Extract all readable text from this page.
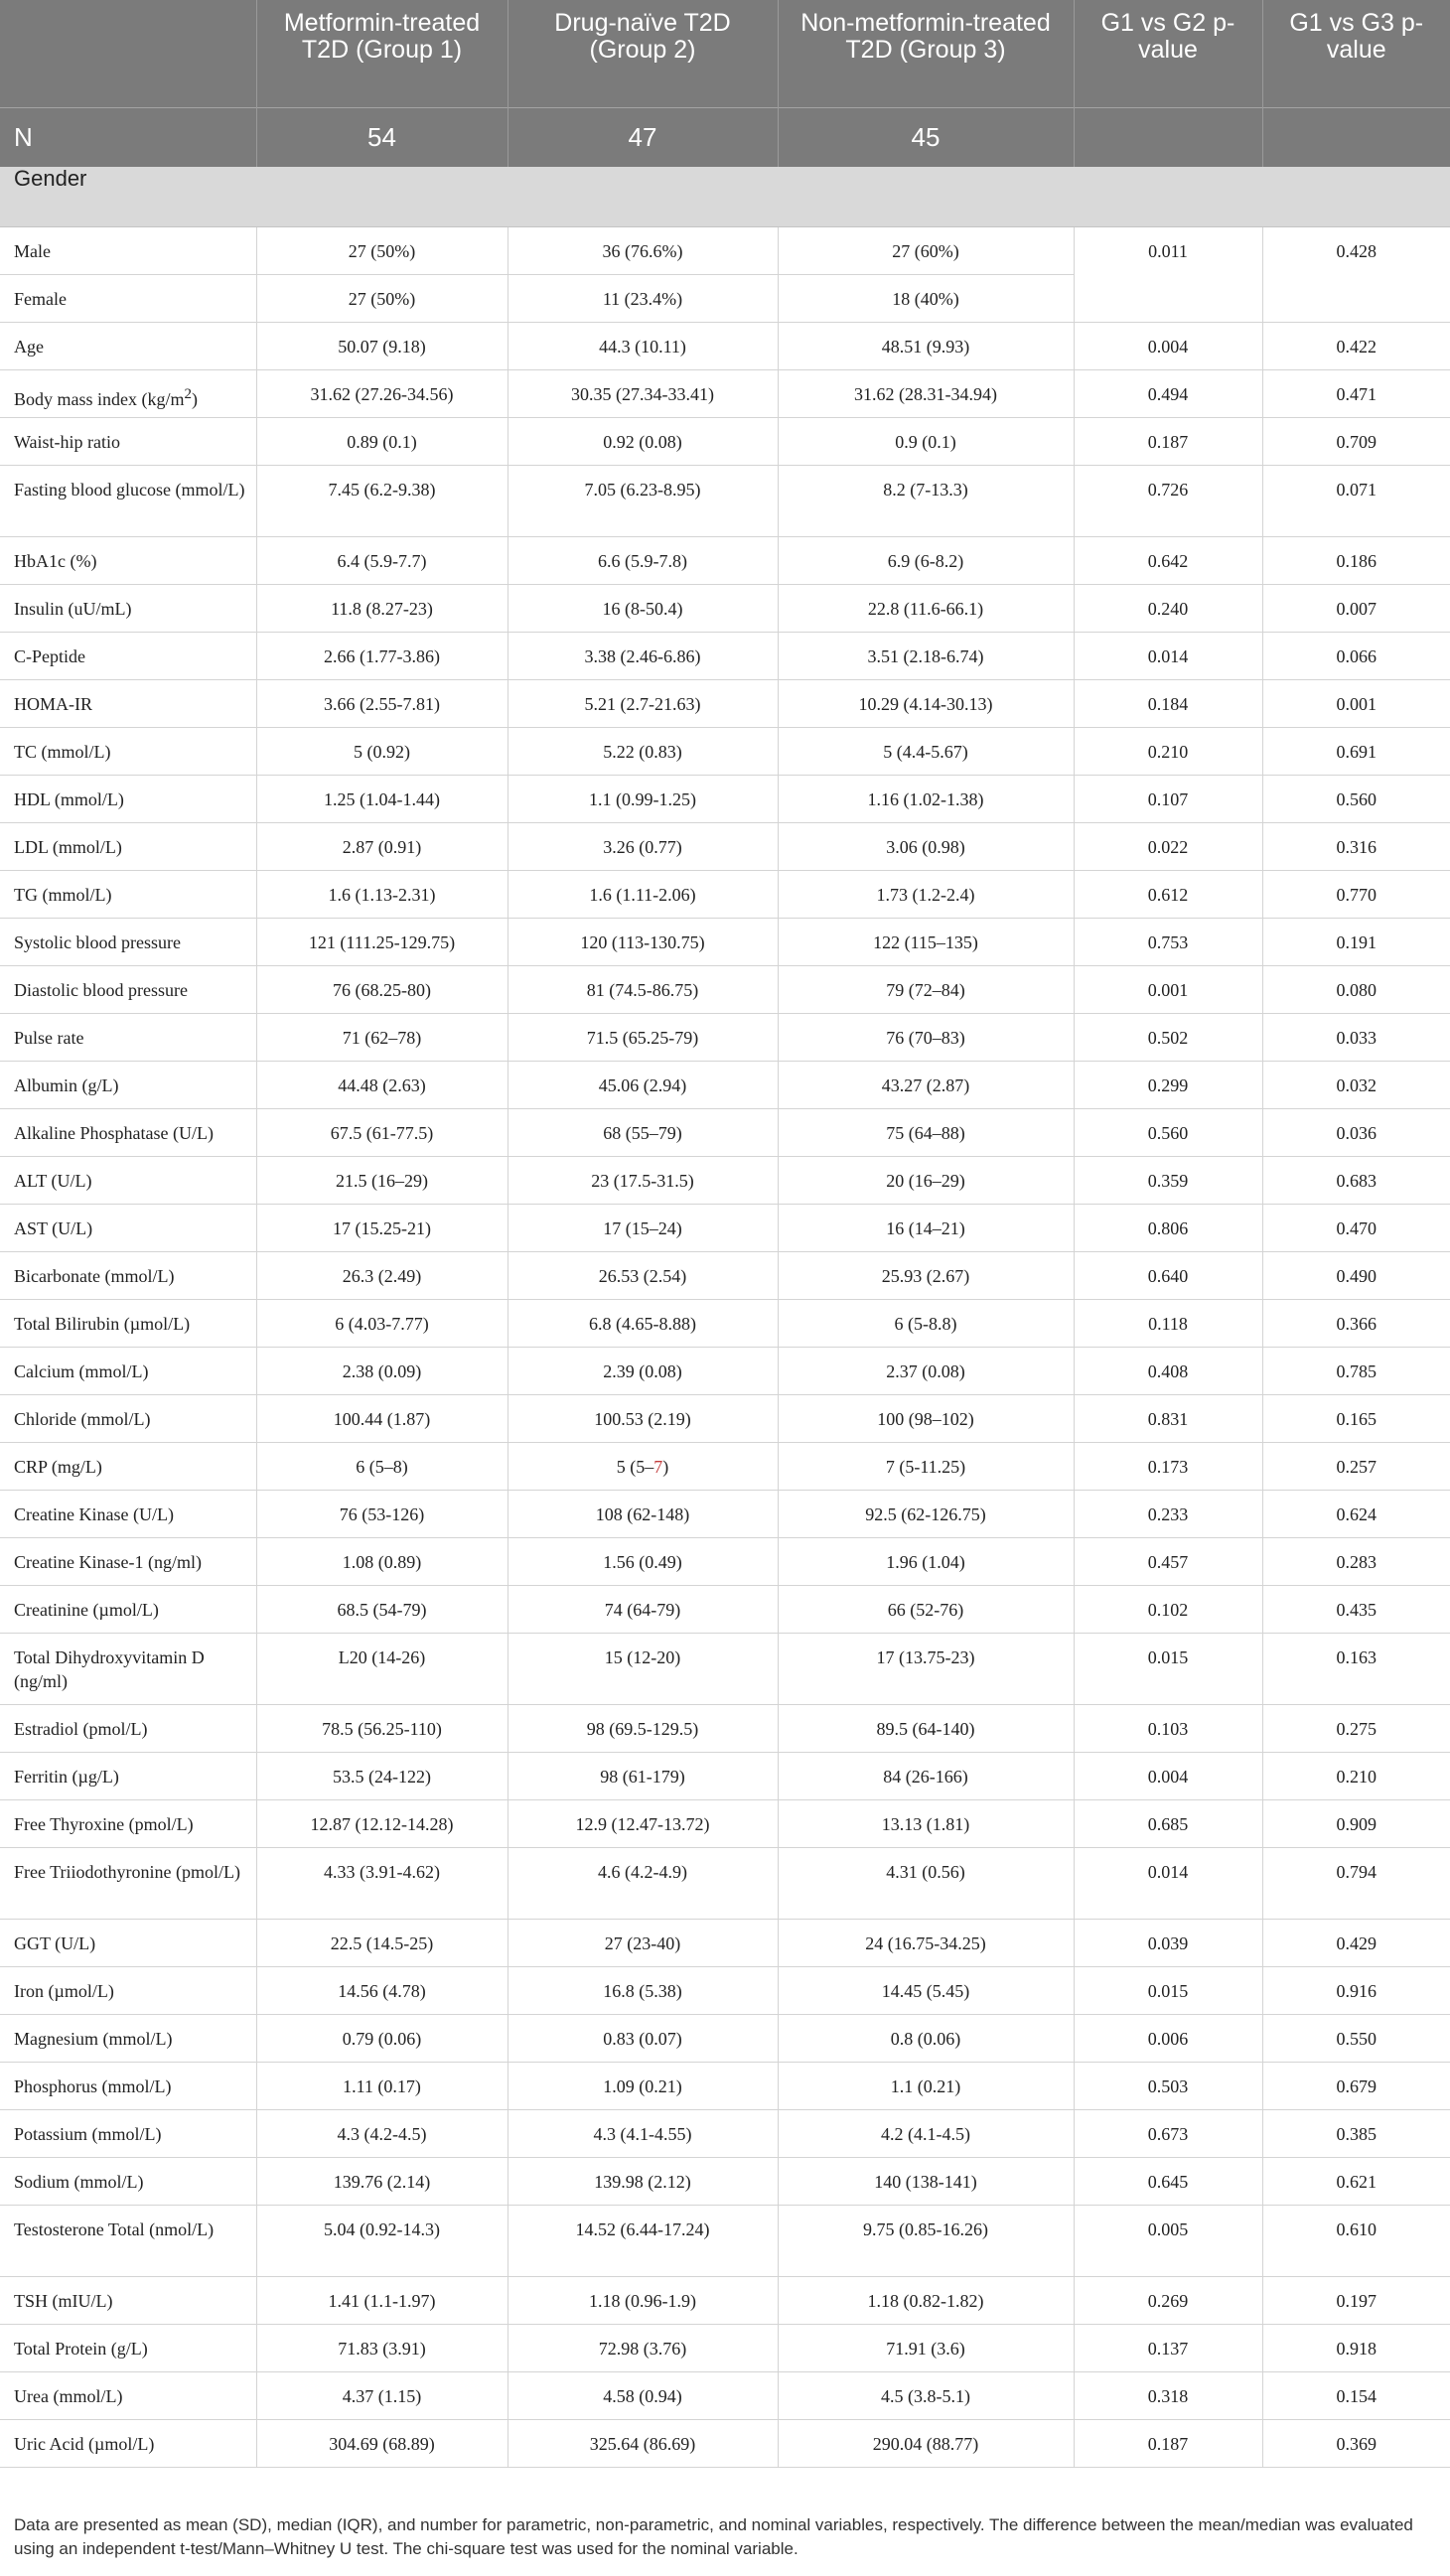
	Metformin-treated T2D (Group 1)	Drug-naïve T2D (Group 2)	Non-metformin-treated T2D (Group 3)	G1 vs G2 p-value	G1 vs G3 p-value
N	54	47	45		
Gender					
Male	27 (50%)	36 (76.6%)	27 (60%)	0.011	0.428
Female	27 (50%)	11 (23.4%)	18 (40%)		
Age	50.07 (9.18)	44.3 (10.11)	48.51 (9.93)	0.004	0.422
Body mass index $(kg/m^2)$	31.62 (27.26-34.56)	30.35 (27.34-33.41)	31.62 (28.31-34.94)	0.494	0.471
Waist-hip ratio	0.89 (0.1)	0.92 (0.08)	0.9 (0.1)	0.187	0.709
Fasting blood glucose (mmol/L)	7.45 (6.2-9.38)	7.05 (6.23-8.95)	8.2 (7-13.3)	0.726	0.071
HbA1c (%)	6.4 (5.9-7.7)	6.6 (5.9-7.8)	6.9 (6-8.2)	0.642	0.186
Insulin (uU/mL)	11.8 (8.27-23)	16 (8-50.4)	22.8 (11.6-66.1)	0.240	0.007
C-Peptide	2.66 (1.77-3.86)	3.38 (2.46-6.86)	3.51 (2.18-6.74)	0.014	0.066
HOMA-IR	3.66 (2.55-7.81)	5.21 (2.7-21.63)	10.29 (4.14-30.13)	0.184	0.001
TC (mmol/L)	5 (0.92)	5.22 (0.83)	5 (4.4-5.67)	0.210	0.691
HDL (mmol/L)	1.25 (1.04-1.44)	1.1 (0.99-1.25)	1.16 (1.02-1.38)	0.107	0.560
LDL (mmol/L)	2.87 (0.91)	3.26 (0.77)	3.06 (0.98)	0.022	0.316
TG (mmol/L)	1.6 (1.13-2.31)	1.6 (1.11-2.06)	1.73 (1.2-2.4)	0.612	0.770
Systolic blood pressure	121 (111.25-129.75)	120 (113-130.75)	122 (115–135)	0.753	0.191
Diastolic blood pressure	76 (68.25-80)	81 (74.5-86.75)	79 (72–84)	0.001	0.080
Pulse rate	71 (62–78)	71.5 (65.25-79)	76 (70–83)	0.502	0.033
Albumin (g/L)	44.48 (2.63)	45.06 (2.94)	43.27 (2.87)	0.299	0.032
Alkaline Phosphatase (U/L)	67.5 (61-77.5)	68 (55–79)	75 (64–88)	0.560	0.036
ALT (U/L)	21.5 (16–29)	23 (17.5-31.5)	20 (16–29)	0.359	0.683
AST (U/L)	17 (15.25-21)	17 (15–24)	16 (14–21)	0.806	0.470
Bicarbonate (mmol/L)	26.3 (2.49)	26.53 (2.54)	25.93 (2.67)	0.640	0.490
Total Bilirubin (µmol/L)	6 (4.03-7.77)	6.8 (4.65-8.88)	6 (5-8.8)	0.118	0.366
Calcium (mmol/L)	2.38 (0.09)	2.39 (0.08)	2.37 (0.08)	0.408	0.785
Chloride (mmol/L)	100.44 (1.87)	100.53 (2.19)	100 (98–102)	0.831	0.165
CRP (mg/L)	6 (5–8)	5 (5–7)	7 (5-11.25)	0.173	0.257
Creatine Kinase (U/L)	76 (53-126)	108 (62-148)	92.5 (62-126.75)	0.233	0.624
Creatine Kinase-1 (ng/ml)	1.08 (0.89)	1.56 (0.49)	1.96 (1.04)	0.457	0.283
Creatinine (µmol/L)	68.5 (54-79)	74 (64-79)	66 (52-76)	0.102	0.435
Total Dihydroxyvitamin D (ng/ml)	L20 (14-26)	15 (12-20)	17 (13.75-23)	0.015	0.163
Estradiol (pmol/L)	78.5 (56.25-110)	98 (69.5-129.5)	89.5 (64-140)	0.103	0.275
Ferritin (µg/L)	53.5 (24-122)	98 (61-179)	84 (26-166)	0.004	0.210
Free Thyroxine (pmol/L)	12.87 (12.12-14.28)	12.9 (12.47-13.72)	13.13 (1.81)	0.685	0.909
Free Triiodothyronine (pmol/L)	4.33 (3.91-4.62)	4.6 (4.2-4.9)	4.31 (0.56)	0.014	0.794
GGT (U/L)	22.5 (14.5-25)	27 (23-40)	24 (16.75-34.25)	0.039	0.429
Iron (µmol/L)	14.56 (4.78)	16.8 (5.38)	14.45 (5.45)	0.015	0.916
Magnesium (mmol/L)	0.79 (0.06)	0.83 (0.07)	0.8 (0.06)	0.006	0.550
Phosphorus (mmol/L)	1.11 (0.17)	1.09 (0.21)	1.1 (0.21)	0.503	0.679
Potassium (mmol/L)	4.3 (4.2-4.5)	4.3 (4.1-4.55)	4.2 (4.1-4.5)	0.673	0.385
Sodium (mmol/L)	139.76 (2.14)	139.98 (2.12)	140 (138-141)	0.645	0.621
Testosterone Total (nmol/L)	5.04 (0.92-14.3)	14.52 (6.44-17.24)	9.75 (0.85-16.26)	0.005	0.610
TSH (mIU/L)	1.41 (1.1-1.97)	1.18 (0.96-1.9)	1.18 (0.82-1.82)	0.269	0.197
Total Protein (g/L)	71.83 (3.91)	72.98 (3.76)	71.91 (3.6)	0.137	0.918
Urea (mmol/L)	4.37 (1.15)	4.58 (0.94)	4.5 (3.8-5.1)	0.318	0.154
Uric Acid (µmol/L)	304.69 (68.89)	325.64 (86.69)	290.04 (88.77)	0.187	0.369
Data are presented as mean (SD), median (IQR), and number for parametric, non-parametric, and nominal variables, respectively. The difference between the mean/median was evaluated using an independent t-test/Mann–Whitney U test. The chi-square test was used for the nominal variable.
